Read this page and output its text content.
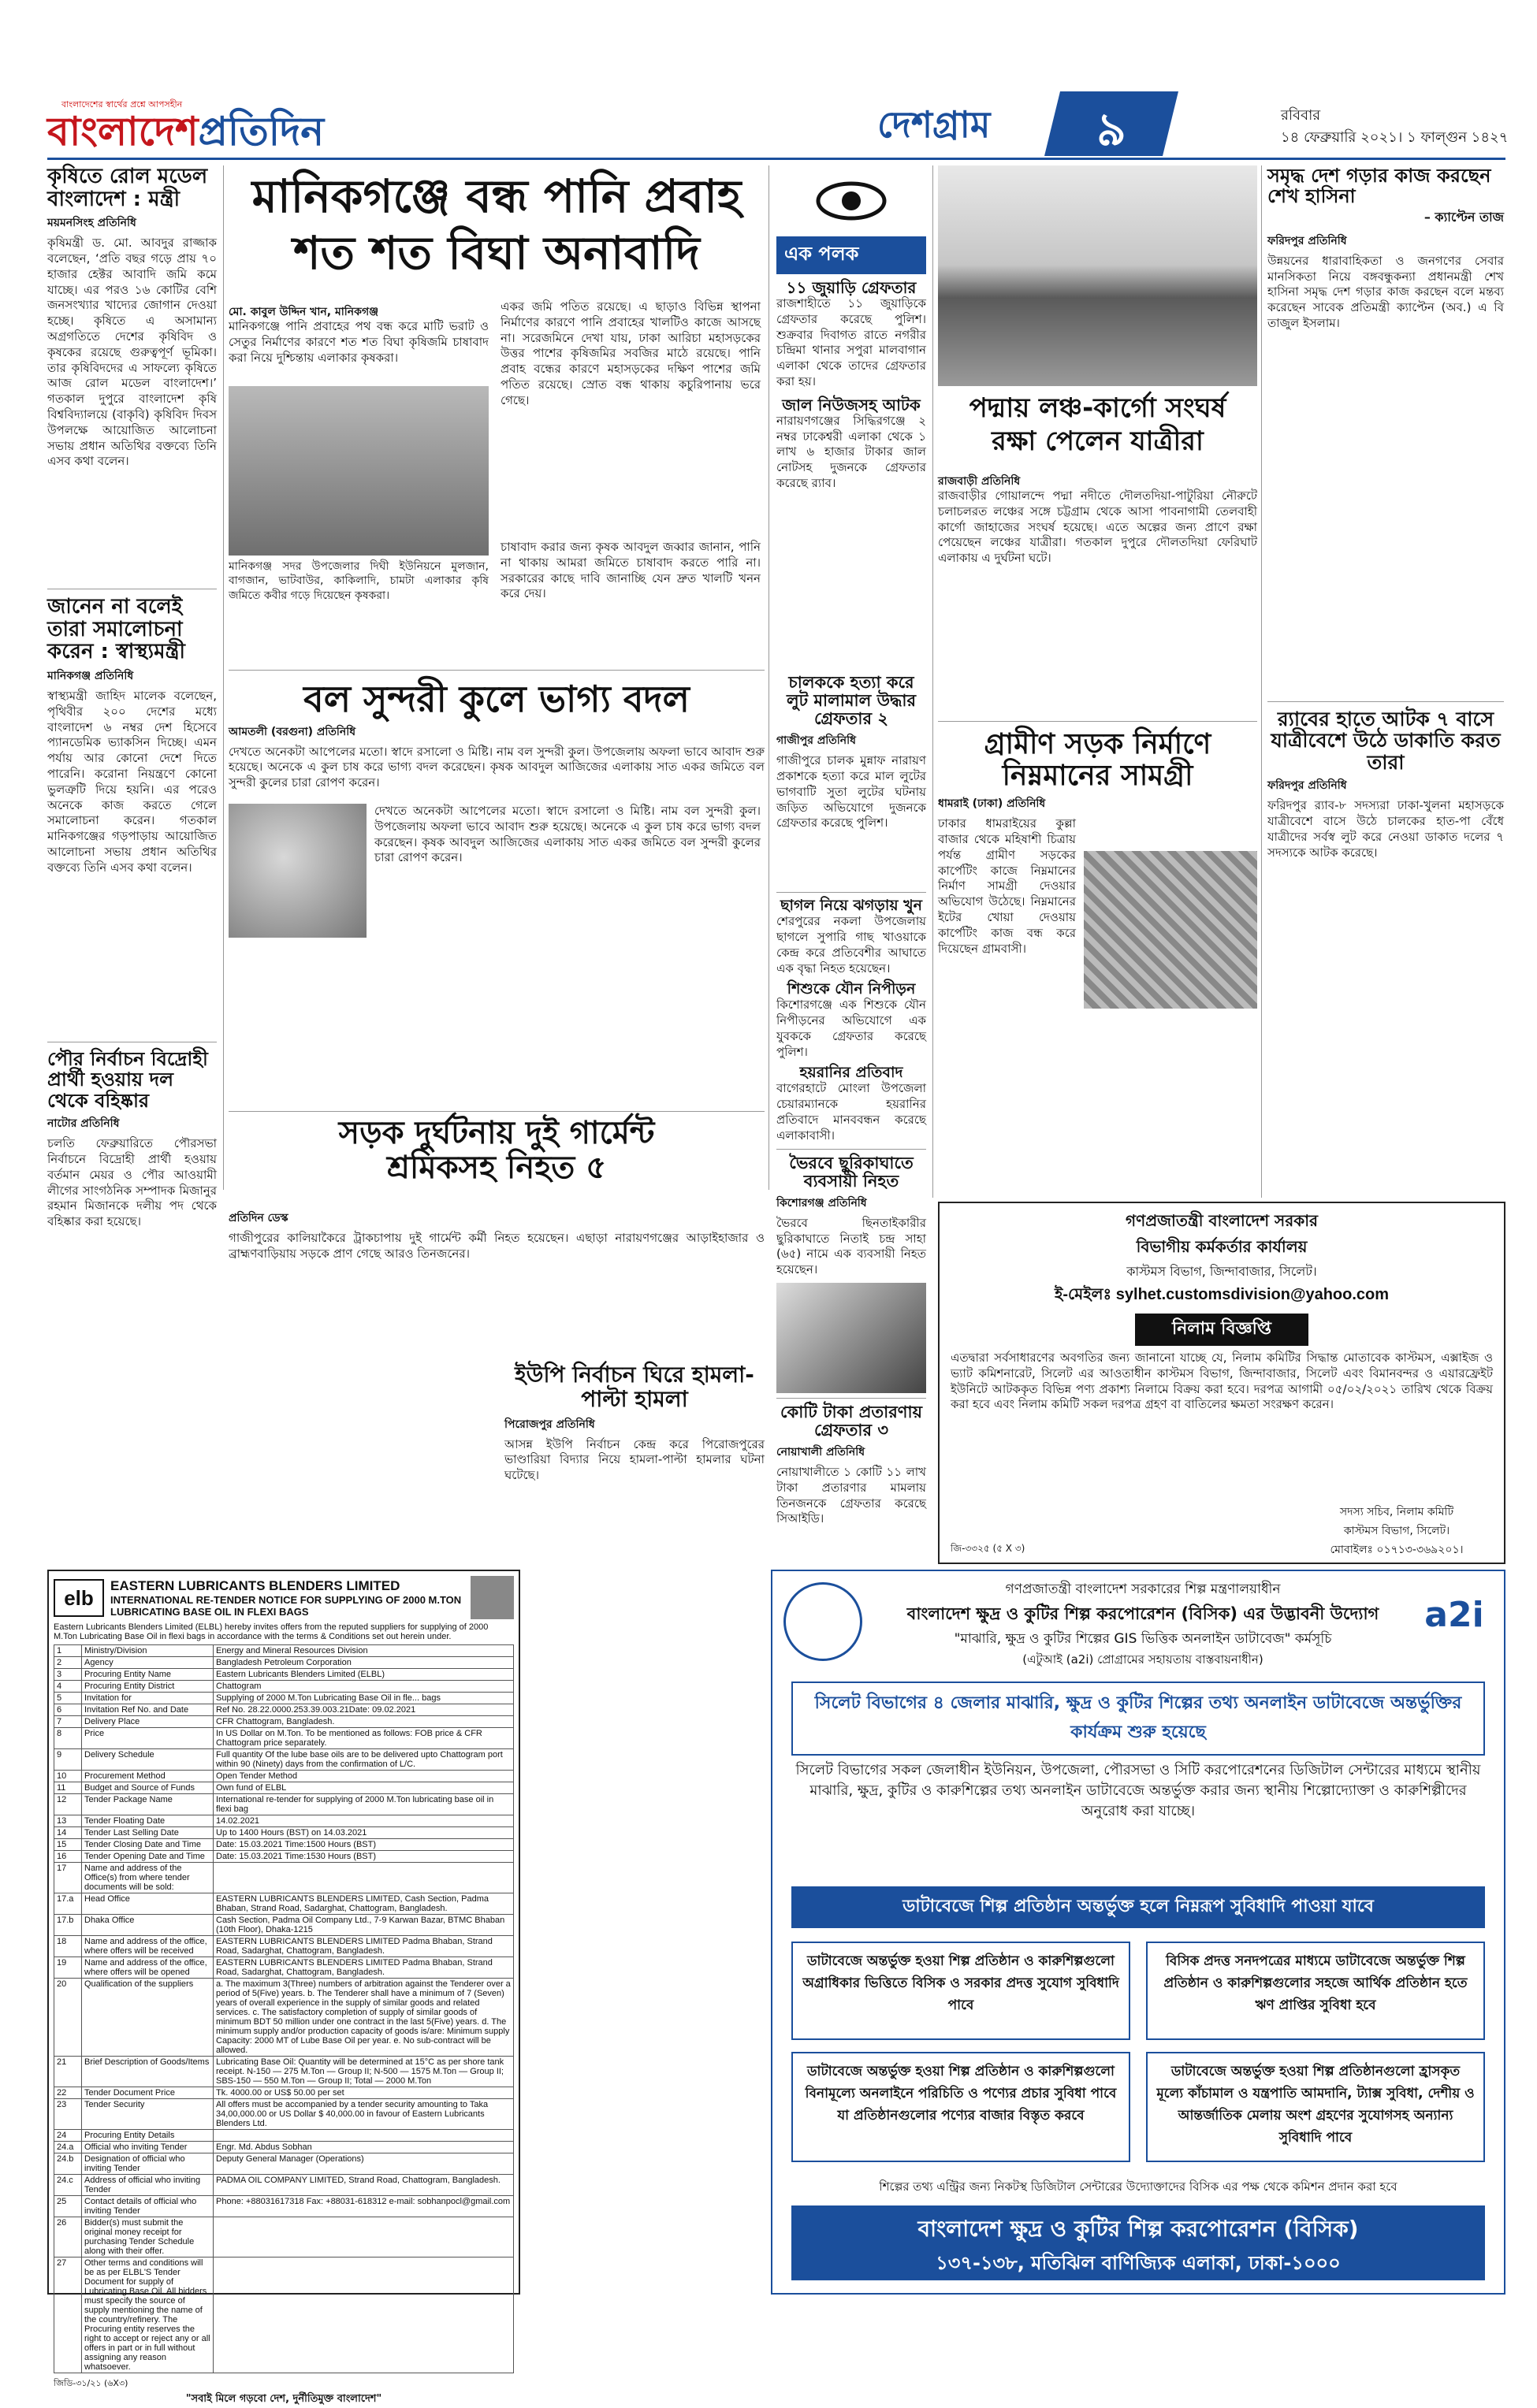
বাংলাদেশের স্বার্থের প্রশ্নে আপসহীন
বাংলাদেশপ্রতিদিন	দেশগ্রাম	৯	রবিবার
১৪ ফেব্রুয়ারি ২০২১। ১ ফাল্গুন ১৪২৭
কৃষিতে রোল মডেল বাংলাদেশ : মন্ত্রী
ময়মনসিংহ প্রতিনিধি
কৃষিমন্ত্রী ড. মো. আবদুর রাজ্জাক বলেছেন, ‘প্রতি বছর গড়ে প্রায় ৭০ হাজার হেক্টর আবাদি জমি কমে যাচ্ছে। এর পরও ১৬ কোটির বেশি জনসংখ্যার খাদ্যের জোগান দেওয়া হচ্ছে। কৃষিতে এ অসামান্য অগ্রগতিতে দেশের কৃষিবিদ ও কৃষকের রয়েছে গুরুত্বপূর্ণ ভূমিকা। তার কৃষিবিদদের এ সাফল্যে কৃষিতে আজ রোল মডেল বাংলাদেশ।’ গতকাল দুপুরে বাংলাদেশ কৃষি বিশ্ববিদ্যালয়ে (বাকৃবি) কৃষিবিদ দিবস উপলক্ষে আয়োজিত আলোচনা সভায় প্রধান অতিথির বক্তব্যে তিনি এসব কথা বলেন।
জানেন না বলেই তারা সমালোচনা করেন : স্বাস্থ্যমন্ত্রী
মানিকগঞ্জ প্রতিনিধি
স্বাস্থ্যমন্ত্রী জাহিদ মালেক বলেছেন, পৃথিবীর ২০০ দেশের মধ্যে বাংলাদেশ ৬ নম্বর দেশ হিসেবে প্যানডেমিক ভ্যাকসিন দিচ্ছে। এমন পর্যায় আর কোনো দেশে দিতে পারেনি। করোনা নিয়ন্ত্রণে কোনো ভুলত্রুটি দিয়ে হয়নি। এর পরেও অনেকে কাজ করতে গেলে সমালোচনা করেন। গতকাল মানিকগঞ্জের গড়পাড়ায় আয়োজিত আলোচনা সভায় প্রধান অতিথির বক্তব্যে তিনি এসব কথা বলেন।
পৌর নির্বাচন বিদ্রোহী প্রার্থী হওয়ায় দল থেকে বহিষ্কার
নাটোর প্রতিনিধি
চলতি ফেব্রুয়ারিতে পৌরসভা নির্বাচনে বিদ্রোহী প্রার্থী হওয়ায় বর্তমান মেয়র ও পৌর আওয়ামী লীগের সাংগঠনিক সম্পাদক মিজানুর রহমান মিজানকে দলীয় পদ থেকে বহিষ্কার করা হয়েছে।
মানিকগঞ্জে বন্ধ পানি প্রবাহ
শত শত বিঘা অনাবাদি
মো. কাবুল উদ্দিন খান, মানিকগঞ্জ
মানিকগঞ্জে পানি প্রবাহের পথ বন্ধ করে মাটি ভরাট ও সেতুর নির্মাণের কারণে শত শত বিঘা কৃষিজমি চাষাবাদ করা নিয়ে দুশ্চিন্তায় এলাকার কৃষকরা।
মানিকগঞ্জ সদর উপজেলার দিঘী ইউনিয়নে মুলজান, বাগজান, ভাটবাউর, কাকিলাদি, চামটা এলাকার কৃষি জমিতে কবীর গড়ে দিয়েছেন কৃষকরা।
একর জমি পতিত রয়েছে। এ ছাড়াও বিভিন্ন স্থাপনা নির্মাণের কারণে পানি প্রবাহের খালটিও কাজে আসছে না। সরেজমিনে দেখা যায়, ঢাকা আরিচা মহাসড়কের উত্তর পাশের কৃষিজমির সবজির মাঠে রয়েছে। পানি প্রবাহ বন্ধের কারণে মহাসড়কের দক্ষিণ পাশের জমি পতিত রয়েছে। স্রোত বন্ধ থাকায় কচুরিপানায় ভরে গেছে।
চাষাবাদ করার জন্য কৃষক আবদুল জব্বার জানান, পানি না থাকায় আমরা জমিতে চাষাবাদ করতে পারি না। সরকারের কাছে দাবি জানাচ্ছি যেন দ্রুত খালটি খনন করে দেয়।
বল সুন্দরী কুলে ভাগ্য বদল
আমতলী (বরগুনা) প্রতিনিধি
দেখতে অনেকটা আপেলের মতো। স্বাদে রসালো ও মিষ্টি। নাম বল সুন্দরী কুল। উপজেলায় অফলা ভাবে আবাদ শুরু হয়েছে। অনেকে এ কুল চাষ করে ভাগ্য বদল করেছেন। কৃষক আবদুল আজিজের এলাকায় সাত একর জমিতে বল সুন্দরী কুলের চারা রোপণ করেন।
দেখতে অনেকটা আপেলের মতো। স্বাদে রসালো ও মিষ্টি। নাম বল সুন্দরী কুল। উপজেলায় অফলা ভাবে আবাদ শুরু হয়েছে। অনেকে এ কুল চাষ করে ভাগ্য বদল করেছেন। কৃষক আবদুল আজিজের এলাকায় সাত একর জমিতে বল সুন্দরী কুলের চারা রোপণ করেন।
সড়ক দুর্ঘটনায় দুই গার্মেন্ট
শ্রমিকসহ নিহত ৫
প্রতিদিন ডেস্ক
গাজীপুরের কালিয়াকৈরে ট্রাকচাপায় দুই গার্মেন্ট কর্মী নিহত হয়েছেন। এছাড়া নারায়ণগঞ্জের আড়াইহাজার ও ব্রাহ্মণবাড়িয়ায় সড়কে প্রাণ গেছে আরও তিনজনের।
এক পলক
১১ জুয়াড়ি গ্রেফতার
রাজশাহীতে ১১ জুয়াড়িকে গ্রেফতার করেছে পুলিশ। শুক্রবার দিবাগত রাতে নগরীর চন্দ্রিমা থানার সপুরা মালবাগান এলাকা থেকে তাদের গ্রেফতার করা হয়।
জাল নিউজসহ আটক
নারায়ণগঞ্জের সিদ্ধিরগঞ্জে ২ নম্বর ঢাকেশ্বরী এলাকা থেকে ১ লাখ ৬ হাজার টাকার জাল নোটসহ দুজনকে গ্রেফতার করেছে র‍্যাব।
চালককে হত্যা করে লুট মালামাল উদ্ধার গ্রেফতার ২
গাজীপুর প্রতিনিধি
গাজীপুরে চালক মুন্নাফ নারায়ণ প্রকাশকে হত্যা করে মাল লুটের ভাগবাটি সুতা লুটের ঘটনায় জড়িত অভিযোগে দুজনকে গ্রেফতার করেছে পুলিশ।
ছাগল নিয়ে ঝগড়ায় খুন
শেরপুরের নকলা উপজেলায় ছাগলে সুপারি গাছ খাওয়াকে কেন্দ্র করে প্রতিবেশীর আঘাতে এক বৃদ্ধা নিহত হয়েছেন।
শিশুকে যৌন নিপীড়ন
কিশোরগঞ্জে এক শিশুকে যৌন নিপীড়নের অভিযোগে এক যুবককে গ্রেফতার করেছে পুলিশ।
হয়রানির প্রতিবাদ
বাগেরহাটে মোংলা উপজেলা চেয়ারম্যানকে হয়রানির প্রতিবাদে মানববন্ধন করেছে এলাকাবাসী।
ভৈরবে ছুরিকাঘাতে ব্যবসায়ী নিহত
কিশোরগঞ্জ প্রতিনিধি
ভৈরবে ছিনতাইকারীর ছুরিকাঘাতে নিতাই চন্দ্র সাহা (৬৫) নামে এক ব্যবসায়ী নিহত হয়েছেন।
কোটি টাকা প্রতারণায় গ্রেফতার ৩
নোয়াখালী প্রতিনিধি
নোয়াখালীতে ১ কোটি ১১ লাখ টাকা প্রতারণার মামলায় তিনজনকে গ্রেফতার করেছে সিআইডি।
ইউপি নির্বাচন ঘিরে হামলা-পাল্টা হামলা
পিরোজপুর প্রতিনিধি
আসন্ন ইউপি নির্বাচন কেন্দ্র করে পিরোজপুরের ভাণ্ডারিয়া বিদ্যার নিয়ে হামলা-পাল্টা হামলার ঘটনা ঘটেছে।
পদ্মায় লঞ্চ-কার্গো সংঘর্ষ
রক্ষা পেলেন যাত্রীরা
রাজবাড়ী প্রতিনিধি
রাজবাড়ীর গোয়ালন্দে পদ্মা নদীতে দৌলতদিয়া-পাটুরিয়া নৌরুটে চলাচলরত লঞ্চের সঙ্গে চট্টগ্রাম থেকে আসা পাবনাগামী তেলবাহী কার্গো জাহাজের সংঘর্ষ হয়েছে। এতে অল্পের জন্য প্রাণে রক্ষা পেয়েছেন লঞ্চের যাত্রীরা। গতকাল দুপুরে দৌলতদিয়া ফেরিঘাট এলাকায় এ দুর্ঘটনা ঘটে।
গ্রামীণ সড়ক নির্মাণে
নিম্নমানের সামগ্রী
ধামরাই (ঢাকা) প্রতিনিধি
ঢাকার ধামরাইয়ের কুল্লা বাজার থেকে মহিষাশী চিত্রায় পর্যন্ত গ্রামীণ সড়কের কার্পেটিং কাজে নিম্নমানের নির্মাণ সামগ্রী দেওয়ার অভিযোগ উঠেছে। নিম্নমানের ইটের খোয়া দেওয়ায় কার্পেটিং কাজ বন্ধ করে দিয়েছেন গ্রামবাসী।
সমৃদ্ধ দেশ গড়ার কাজ করছেন শেখ হাসিনা
– ক্যাপ্টেন তাজ
ফরিদপুর প্রতিনিধি
উন্নয়নের ধারাবাহিকতা ও জনগণের সেবার মানসিকতা নিয়ে বঙ্গবন্ধুকন্যা প্রধানমন্ত্রী শেখ হাসিনা সমৃদ্ধ দেশ গড়ার কাজ করছেন বলে মন্তব্য করেছেন সাবেক প্রতিমন্ত্রী ক্যাপ্টেন (অব.) এ বি তাজুল ইসলাম।
র‍্যাবের হাতে আটক ৭ বাসে যাত্রীবেশে উঠে ডাকাতি করত তারা
ফরিদপুর প্রতিনিধি
ফরিদপুর র‍্যাব-৮ সদস্যরা ঢাকা-খুলনা মহাসড়কে যাত্রীবেশে বাসে উঠে চালকের হাত-পা বেঁধে যাত্রীদের সর্বস্ব লুট করে নেওয়া ডাকাত দলের ৭ সদস্যকে আটক করেছে।
গণপ্রজাতন্ত্রী বাংলাদেশ সরকার
বিভাগীয় কর্মকর্তার কার্যালয়
কাস্টমস বিভাগ, জিন্দাবাজার, সিলেট।
ই-মেইলঃ sylhet.customsdivision@yahoo.com
নিলাম বিজ্ঞপ্তি
এতদ্বারা সর্বসাধারণের অবগতির জন্য জানানো যাচ্ছে যে, নিলাম কমিটির সিদ্ধান্ত মোতাবেক কাস্টমস, এক্সাইজ ও ভ্যাট কমিশনারেট, সিলেট এর আওতাধীন কাস্টমস বিভাগ, জিন্দাবাজার, সিলেট এবং বিমানবন্দর ও এয়ারফ্রেইট ইউনিটে আটককৃত বিভিন্ন পণ্য প্রকাশ্য নিলামে বিক্রয় করা হবে। দরপত্র আগামী ০৫/০২/২০২১ তারিখ থেকে বিক্রয় করা হবে এবং নিলাম কমিটি সকল দরপত্র গ্রহণ বা বাতিলের ক্ষমতা সংরক্ষণ করেন।
সদস্য সচিব, নিলাম কমিটি
কাস্টমস বিভাগ, সিলেট।
মোবাইলঃ ০১৭১৩-৩৬৯২০১।
জি-৩৩২৫ (৫ X ৩)
a2i
গণপ্রজাতন্ত্রী বাংলাদেশ সরকারের শিল্প মন্ত্রণালয়াধীন
বাংলাদেশ ক্ষুদ্র ও কুটির শিল্প করপোরেশন (বিসিক) এর উদ্ভাবনী উদ্যোগ
"মাঝারি, ক্ষুদ্র ও কুটির শিল্পের GIS ভিত্তিক অনলাইন ডাটাবেজ" কর্মসূচি
(এটুআই (a2i) প্রোগ্রামের সহায়তায় বাস্তবায়নাধীন)
সিলেট বিভাগের ৪ জেলার মাঝারি, ক্ষুদ্র ও কুটির শিল্পের তথ্য অনলাইন ডাটাবেজে অন্তর্ভুক্তির কার্যক্রম শুরু হয়েছে
সিলেট বিভাগের সকল জেলাধীন ইউনিয়ন, উপজেলা, পৌরসভা ও সিটি করপোরেশনের ডিজিটাল সেন্টারের মাধ্যমে স্থানীয় মাঝারি, ক্ষুদ্র, কুটির ও কারুশিল্পের তথ্য অনলাইন ডাটাবেজে অন্তর্ভুক্ত করার জন্য স্থানীয় শিল্পোদ্যোক্তা ও কারুশিল্পীদের অনুরোধ করা যাচ্ছে।
ডাটাবেজে শিল্প প্রতিষ্ঠান অন্তর্ভুক্ত হলে নিম্নরূপ সুবিধাদি পাওয়া যাবে
ডাটাবেজে অন্তর্ভুক্ত হওয়া শিল্প প্রতিষ্ঠান ও কারুশিল্পগুলো অগ্রাধিকার ভিত্তিতে বিসিক ও সরকার প্রদত্ত সুযোগ সুবিধাদি পাবে
বিসিক প্রদত্ত সনদপত্রের মাধ্যমে ডাটাবেজে অন্তর্ভুক্ত শিল্প প্রতিষ্ঠান ও কারুশিল্পগুলোর সহজে আর্থিক প্রতিষ্ঠান হতে ঋণ প্রাপ্তির সুবিধা হবে
ডাটাবেজে অন্তর্ভুক্ত হওয়া শিল্প প্রতিষ্ঠান ও কারুশিল্পগুলো বিনামূল্যে অনলাইনে পরিচিতি ও পণ্যের প্রচার সুবিধা পাবে যা প্রতিষ্ঠানগুলোর পণ্যের বাজার বিস্তৃত করবে
ডাটাবেজে অন্তর্ভুক্ত হওয়া শিল্প প্রতিষ্ঠানগুলো হ্রাসকৃত মূল্যে কাঁচামাল ও যন্ত্রপাতি আমদানি, ট্যাক্স সুবিধা, দেশীয় ও আন্তর্জাতিক মেলায় অংশ গ্রহণের সুযোগসহ অন্যান্য সুবিধাদি পাবে
শিল্পের তথ্য এন্ট্রির জন্য নিকটস্থ ডিজিটাল সেন্টারের উদ্যোক্তাদের বিসিক এর পক্ষ থেকে কমিশন প্রদান করা হবে
বাংলাদেশ ক্ষুদ্র ও কুটির শিল্প করপোরেশন (বিসিক)
১৩৭-১৩৮, মতিঝিল বাণিজ্যিক এলাকা, ঢাকা-১০০০
elb
EASTERN LUBRICANTS BLENDERS LIMITED
INTERNATIONAL RE-TENDER NOTICE FOR SUPPLYING OF 2000 M.TON LUBRICATING BASE OIL IN FLEXI BAGS
Eastern Lubricants Blenders Limited (ELBL) hereby invites offers from the reputed suppliers for supplying of 2000 M.Ton Lubricating Base Oil in flexi bags in accordance with the terms & Conditions set out herein under.
1	Ministry/Division	Energy and Mineral Resources Division
2	Agency	Bangladesh Petroleum Corporation
3	Procuring Entity Name	Eastern Lubricants Blenders Limited (ELBL)
4	Procuring Entity District	Chattogram
5	Invitation for	Supplying of 2000 M.Ton Lubricating Base Oil in fle... bags
6	Invitation Ref No. and Date	Ref No. 28.22.0000.253.39.003.21Date: 09.02.2021
7	Delivery Place	CFR Chattogram, Bangladesh.
8	Price	In US Dollar on M.Ton. To be mentioned as follows: FOB price & CFR Chattogram price separately.
9	Delivery Schedule	Full quantity Of the lube base oils are to be delivered upto Chattogram port within 90 (Ninety) days from the confirmation of L/C.
10	Procurement Method	Open Tender Method
11	Budget and Source of Funds	Own fund of ELBL
12	Tender Package Name	International re-tender for supplying of 2000 M.Ton lubricating base oil in flexi bag
13	Tender Floating Date	14.02.2021
14	Tender Last Selling Date	Up to 1400 Hours (BST) on 14.03.2021
15	Tender Closing Date and Time	Date: 15.03.2021 Time:1500 Hours (BST)
16	Tender Opening Date and Time	Date: 15.03.2021 Time:1530 Hours (BST)
17	Name and address of the Office(s) from where tender documents will be sold:	
17.a	Head Office	EASTERN LUBRICANTS BLENDERS LIMITED, Cash Section, Padma Bhaban, Strand Road, Sadarghat, Chattogram, Bangladesh.
17.b	Dhaka Office	Cash Section, Padma Oil Company Ltd., 7-9 Karwan Bazar, BTMC Bhaban (10th Floor), Dhaka-1215
18	Name and address of the office, where offers will be received	EASTERN LUBRICANTS BLENDERS LIMITED Padma Bhaban, Strand Road, Sadarghat, Chattogram, Bangladesh.
19	Name and address of the office, where offers will be opened	EASTERN LUBRICANTS BLENDERS LIMITED Padma Bhaban, Strand Road, Sadarghat, Chattogram, Bangladesh.
20	Qualification of the suppliers	a. The maximum 3(Three) numbers of arbitration against the Tenderer over a period of 5(Five) years. b. The Tenderer shall have a minimum of 7 (Seven) years of overall experience in the supply of similar goods and related services. c. The satisfactory completion of supply of similar goods of minimum BDT 50 million under one contract in the last 5(Five) years. d. The minimum supply and/or production capacity of goods is/are: Minimum supply Capacity: 2000 MT of Lube Base Oil per year. e. No sub-contract will be allowed.
21	Brief Description of Goods/Items	Lubricating Base Oil: Quantity will be determined at 15°C as per shore tank receipt. N-150 — 275 M.Ton — Group II; N-500 — 1575 M.Ton — Group II; SBS-150 — 550 M.Ton — Group II; Total — 2000 M.Ton
22	Tender Document Price	Tk. 4000.00 or US$ 50.00 per set
23	Tender Security	All offers must be accompanied by a tender security amounting to Taka 34,00,000.00 or US Dollar $ 40,000.00 in favour of Eastern Lubricants Blenders Ltd.
24	Procuring Entity Details	
24.a	Official who inviting Tender	Engr. Md. Abdus Sobhan
24.b	Designation of official who inviting Tender	Deputy General Manager (Operations)
24.c	Address of official who inviting Tender	PADMA OIL COMPANY LIMITED, Strand Road, Chattogram, Bangladesh.
25	Contact details of official who inviting Tender	Phone: +88031617318 Fax: +88031-618312 e-mail: sobhanpocl@gmail.com
26	Bidder(s) must submit the original money receipt for purchasing Tender Schedule along with their offer.	
27	Other terms and conditions will be as per ELBL'S Tender Document for supply of Lubricating Base Oil. All bidders must specify the source of supply mentioning the name of the country/refinery. The Procuring entity reserves the right to accept or reject any or all offers in part or in full without assigning any reason whatsoever.	
জিডি-৩১/২১ (৬X৩)
"সবাই মিলে গড়বো দেশ, দুর্নীতিমুক্ত বাংলাদেশ"
